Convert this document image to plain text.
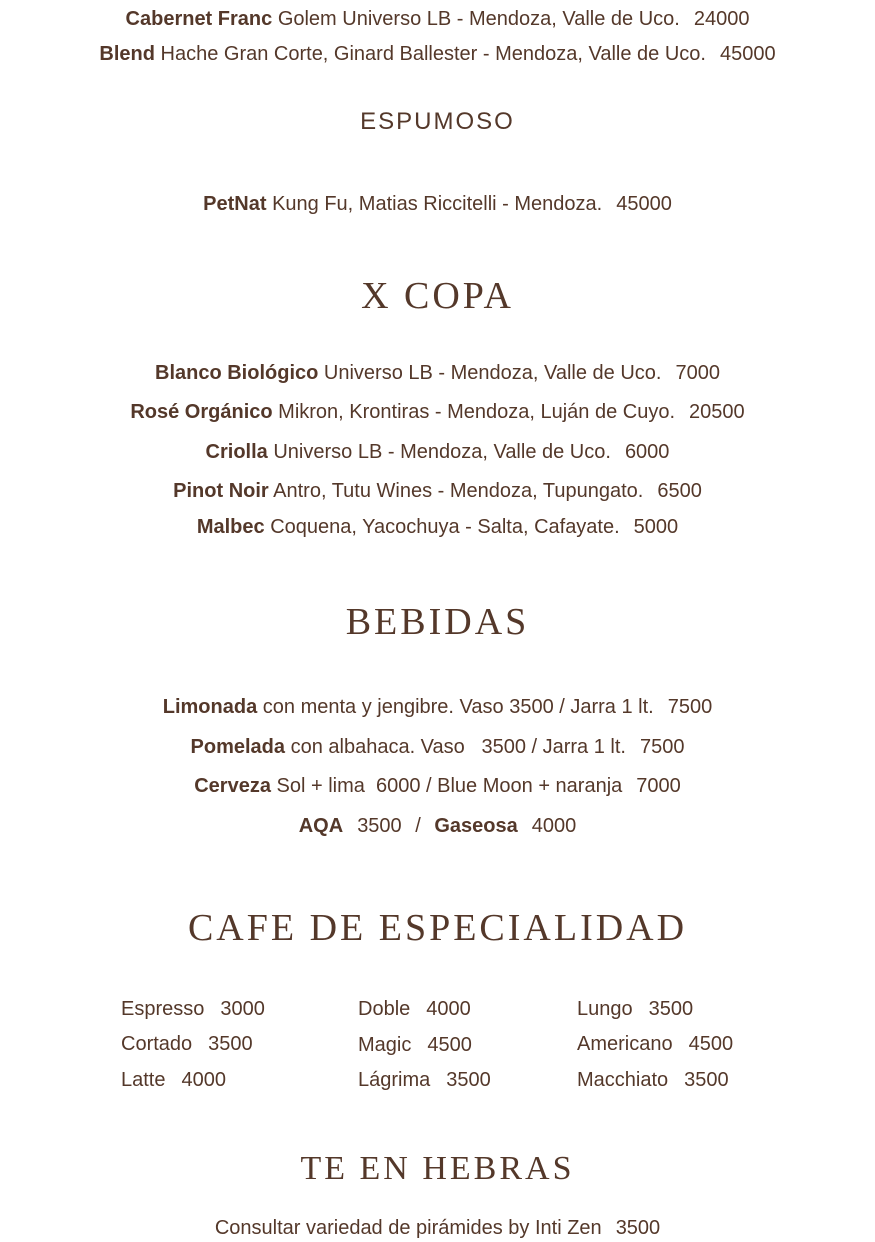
Cabernet Franc Golem Universo LB - Mendoza, Valle de Uco. 24000
Blend Hache Gran Corte, Ginard Ballester - Mendoza, Valle de Uco. 45000
ESPUMOSO
PetNat Kung Fu, Matias Riccitelli - Mendoza. 45000
X COPA
Blanco Biológico Universo LB - Mendoza, Valle de Uco. 7000
Rosé Orgánico Mikron, Krontiras - Mendoza, Luján de Cuyo. 20500
Criolla Universo LB - Mendoza, Valle de Uco. 6000
Pinot Noir Antro, Tutu Wines - Mendoza, Tupungato. 6500
Malbec Coquena, Yacochuya - Salta, Cafayate. 5000
BEBIDAS
Limonada con menta y jengibre. Vaso 3500 / Jarra 1 lt. 7500
Pomelada con albahaca. Vaso   3500 / Jarra 1 lt. 7500
Cerveza Sol + lima  6000 / Blue Moon + naranja 7000
AQA 3500 / Gaseosa 4000
CAFE DE ESPECIALIDAD
Espresso 3000
Cortado 3500
Latte 4000
Doble 4000
Magic 4500
Lágrima 3500
Lungo 3500
Americano 4500
Macchiato 3500
TE EN HEBRAS
Consultar variedad de pirámides by Inti Zen 3500
